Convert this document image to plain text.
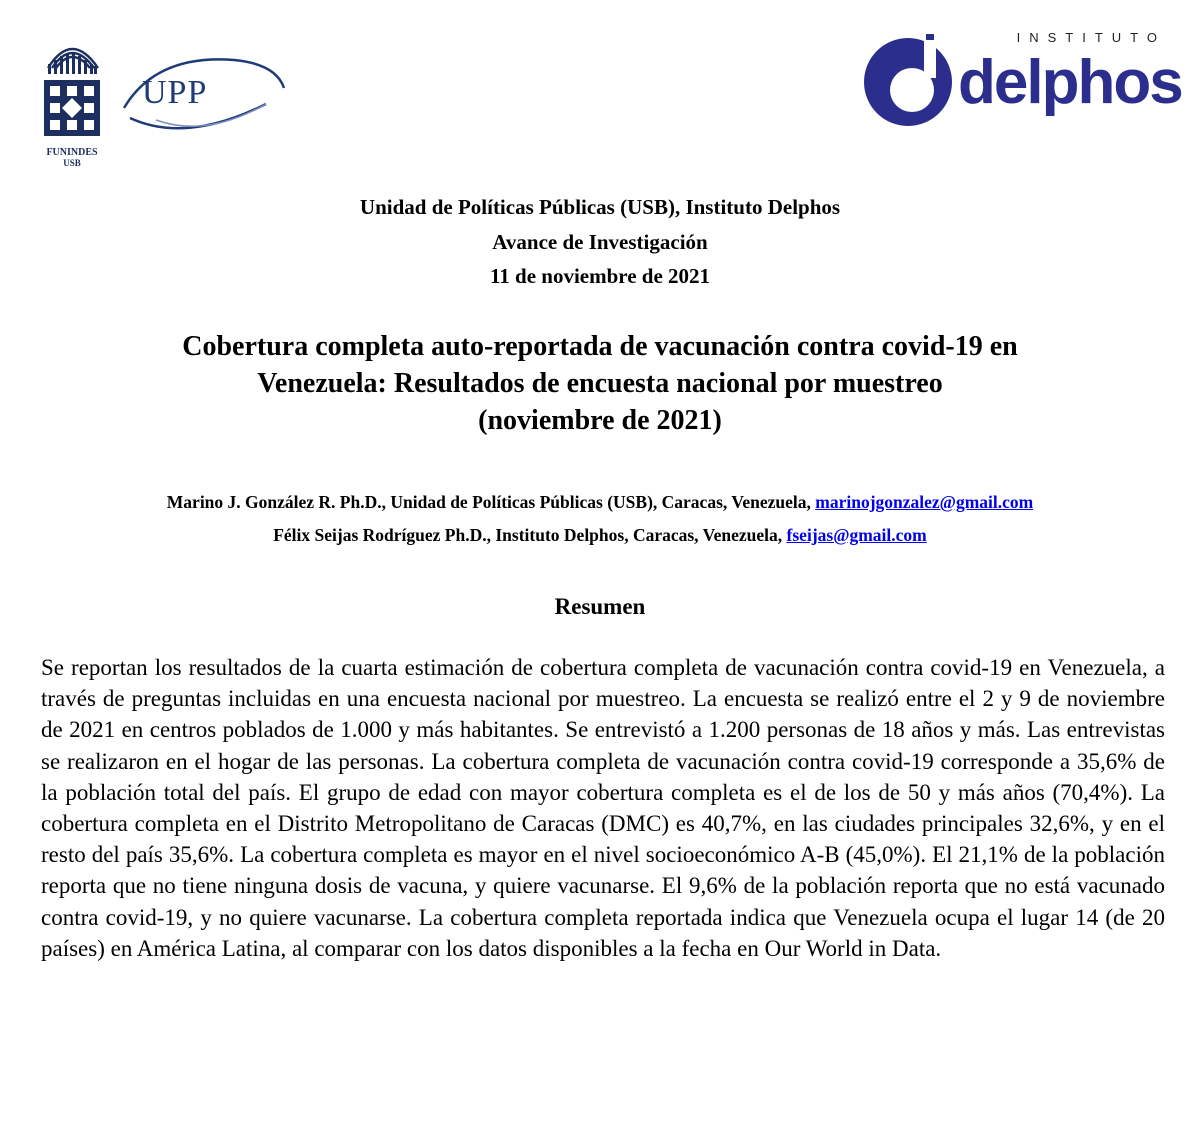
FUNINDES
USB
UPP
INSTITUTO
delphos
Unidad de Políticas Públicas (USB), Instituto Delphos
Avance de Investigación
11 de noviembre de 2021
Cobertura completa auto-reportada de vacunación contra covid-19 en
Venezuela: Resultados de encuesta nacional por muestreo
(noviembre de 2021)
Marino J. González R. Ph.D., Unidad de Políticas Públicas (USB), Caracas, Venezuela, marinojgonzalez@gmail.com
Félix Seijas Rodríguez Ph.D., Instituto Delphos, Caracas, Venezuela, fseijas@gmail.com
Resumen
Se reportan los resultados de la cuarta estimación de cobertura completa de vacunación contra covid-19 en Venezuela, a través de preguntas incluidas en una encuesta nacional por muestreo. La encuesta se realizó entre el 2 y 9 de noviembre de 2021 en centros poblados de 1.000 y más habitantes. Se entrevistó a 1.200 personas de 18 años y más. Las entrevistas se realizaron en el hogar de las personas. La cobertura completa de vacunación contra covid-19 corresponde a 35,6% de la población total del país. El grupo de edad con mayor cobertura completa es el de los de 50 y más años (70,4%). La cobertura completa en el Distrito Metropolitano de Caracas (DMC) es 40,7%, en las ciudades principales 32,6%, y en el resto del país 35,6%. La cobertura completa es mayor en el nivel socioeconómico A-B (45,0%). El 21,1% de la población reporta que no tiene ninguna dosis de vacuna, y quiere vacunarse. El 9,6% de la población reporta que no está vacunado contra covid-19, y no quiere vacunarse. La cobertura completa reportada indica que Venezuela ocupa el lugar 14 (de 20 países) en América Latina, al comparar con los datos disponibles a la fecha en Our World in Data.
